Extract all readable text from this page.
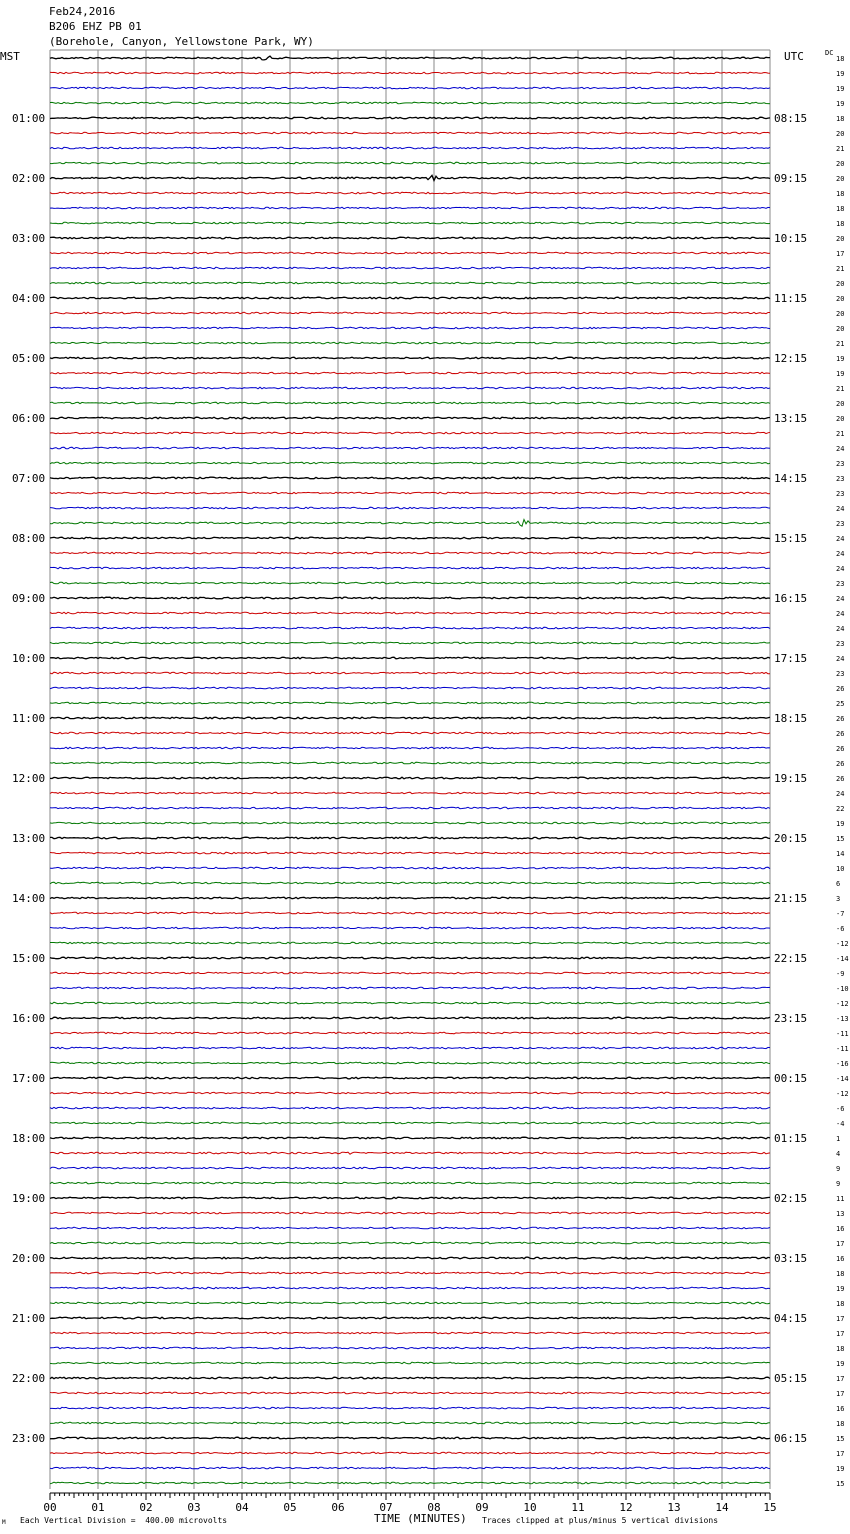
01:00
02:00
03:00
04:00
05:00
06:00
07:00
08:00
09:00
10:00
11:00
12:00
13:00
14:00
15:00
16:00
17:00
18:00
19:00
20:00
21:00
22:00
23:00
08:15
09:15
10:15
11:15
12:15
13:15
14:15
15:15
16:15
17:15
18:15
19:15
20:15
21:15
22:15
23:15
00:15
01:15
02:15
03:15
04:15
05:15
06:15
18
19
19
19
18
20
21
20
20
18
18
18
20
17
21
20
20
20
20
21
19
19
21
20
20
21
24
23
23
23
24
23
24
24
24
23
24
24
24
23
24
23
26
25
26
26
26
26
26
24
22
19
15
14
10
6
3
-7
-6
-12
-14
-9
-10
-12
-13
-11
-11
-16
-14
-12
-6
-4
1
4
9
9
11
13
16
17
16
18
19
18
17
17
18
19
17
17
16
18
15
17
19
15
00	01	02	03	04	05	06	07	08	09	10	11	12	13	14	15
Feb24,2016
B206 EHZ PB 01
(Borehole, Canyon, Yellowstone Park, WY)
MST	UTC	DC
M Each Vertical Division =  400.00 microvolts	TIME (MINUTES) Traces clipped at plus/minus 5 vertical divisions
